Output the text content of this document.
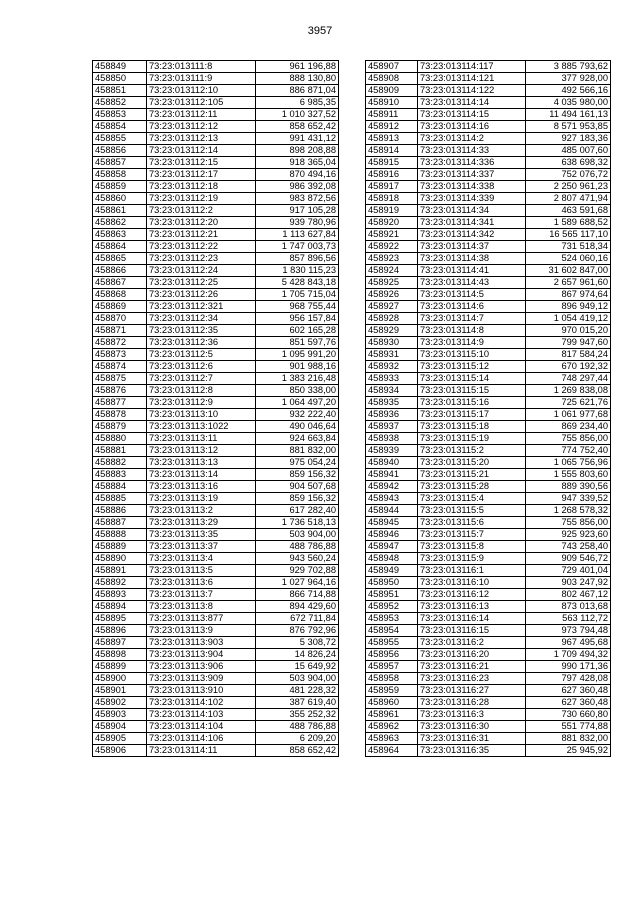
3957
458849	73:23:013111:8	961 196,88
458850	73:23:013111:9	888 130,80
458851	73:23:013112:10	886 871,04
458852	73:23:013112:105	6 985,35
458853	73:23:013112:11	1 010 327,52
458854	73:23:013112:12	858 652,42
458855	73:23:013112:13	991 431,12
458856	73:23:013112:14	898 208,88
458857	73:23:013112:15	918 365,04
458858	73:23:013112:17	870 494,16
458859	73:23:013112:18	986 392,08
458860	73:23:013112:19	983 872,56
458861	73:23:013112:2	917 105,28
458862	73:23:013112:20	939 780,96
458863	73:23:013112:21	1 113 627,84
458864	73:23:013112:22	1 747 003,73
458865	73:23:013112:23	857 896,56
458866	73:23:013112:24	1 830 115,23
458867	73:23:013112:25	5 428 843,18
458868	73:23:013112:26	1 705 715,04
458869	73:23:013112:321	968 755,44
458870	73:23:013112:34	956 157,84
458871	73:23:013112:35	602 165,28
458872	73:23:013112:36	851 597,76
458873	73:23:013112:5	1 095 991,20
458874	73:23:013112:6	901 988,16
458875	73:23:013112:7	1 383 216,48
458876	73:23:013112:8	850 338,00
458877	73:23:013112:9	1 064 497,20
458878	73:23:013113:10	932 222,40
458879	73:23:013113:1022	490 046,64
458880	73:23:013113:11	924 663,84
458881	73:23:013113:12	881 832,00
458882	73:23:013113:13	975 054,24
458883	73:23:013113:14	859 156,32
458884	73:23:013113:16	904 507,68
458885	73:23:013113:19	859 156,32
458886	73:23:013113:2	617 282,40
458887	73:23:013113:29	1 736 518,13
458888	73:23:013113:35	503 904,00
458889	73:23:013113:37	488 786,88
458890	73:23:013113:4	943 560,24
458891	73:23:013113:5	929 702,88
458892	73:23:013113:6	1 027 964,16
458893	73:23:013113:7	866 714,88
458894	73:23:013113:8	894 429,60
458895	73:23:013113:877	672 711,84
458896	73:23:013113:9	876 792,96
458897	73:23:013113:903	5 308,72
458898	73:23:013113:904	14 826,24
458899	73:23:013113:906	15 649,92
458900	73:23:013113:909	503 904,00
458901	73:23:013113:910	481 228,32
458902	73:23:013114:102	387 619,40
458903	73:23:013114:103	355 252,32
458904	73:23:013114:104	488 786,88
458905	73:23:013114:106	6 209,20
458906	73:23:013114:11	858 652,42
458907	73:23:013114:117	3 885 793,62
458908	73:23:013114:121	377 928,00
458909	73:23:013114:122	492 566,16
458910	73:23:013114:14	4 035 980,00
458911	73:23:013114:15	11 494 161,13
458912	73:23:013114:16	8 571 953,85
458913	73:23:013114:2	927 183,36
458914	73:23:013114:33	485 007,60
458915	73:23:013114:336	638 698,32
458916	73:23:013114:337	752 076,72
458917	73:23:013114:338	2 250 961,23
458918	73:23:013114:339	2 807 471,94
458919	73:23:013114:34	463 591,68
458920	73:23:013114:341	1 589 688,52
458921	73:23:013114:342	16 565 117,10
458922	73:23:013114:37	731 518,34
458923	73:23:013114:38	524 060,16
458924	73:23:013114:41	31 602 847,00
458925	73:23:013114:43	2 657 961,60
458926	73:23:013114:5	867 974,64
458927	73:23:013114:6	896 949,12
458928	73:23:013114:7	1 054 419,12
458929	73:23:013114:8	970 015,20
458930	73:23:013114:9	799 947,60
458931	73:23:013115:10	817 584,24
458932	73:23:013115:12	670 192,32
458933	73:23:013115:14	748 297,44
458934	73:23:013115:15	1 269 838,08
458935	73:23:013115:16	725 621,76
458936	73:23:013115:17	1 061 977,68
458937	73:23:013115:18	869 234,40
458938	73:23:013115:19	755 856,00
458939	73:23:013115:2	774 752,40
458940	73:23:013115:20	1 065 756,96
458941	73:23:013115:21	1 555 803,60
458942	73:23:013115:28	889 390,56
458943	73:23:013115:4	947 339,52
458944	73:23:013115:5	1 268 578,32
458945	73:23:013115:6	755 856,00
458946	73:23:013115:7	925 923,60
458947	73:23:013115:8	743 258,40
458948	73:23:013115:9	909 546,72
458949	73:23:013116:1	729 401,04
458950	73:23:013116:10	903 247,92
458951	73:23:013116:12	802 467,12
458952	73:23:013116:13	873 013,68
458953	73:23:013116:14	563 112,72
458954	73:23:013116:15	973 794,48
458955	73:23:013116:2	967 495,68
458956	73:23:013116:20	1 709 494,32
458957	73:23:013116:21	990 171,36
458958	73:23:013116:23	797 428,08
458959	73:23:013116:27	627 360,48
458960	73:23:013116:28	627 360,48
458961	73:23:013116:3	730 660,80
458962	73:23:013116:30	551 774,88
458963	73:23:013116:31	881 832,00
458964	73:23:013116:35	25 945,92
